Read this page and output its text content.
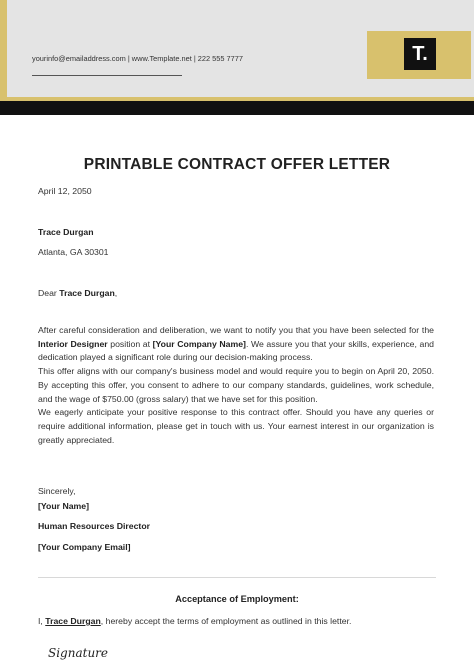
yourinfo@emailaddress.com | www.Template.net | 222 555 7777	T.
PRINTABLE CONTRACT OFFER LETTER
April 12, 2050
Trace Durgan
Atlanta, GA 30301
Dear Trace Durgan,

After careful consideration and deliberation, we want to notify you that you have been selected for the Interior Designer position at [Your Company Name]. We assure you that your skills, experience, and dedication played a significant role during our decision-making process.

This offer aligns with our company's business model and would require you to begin on April 20, 2050. By accepting this offer, you consent to adhere to our company standards, guidelines, work schedule, and the wage of $750.00 (gross salary) that we have set for this position.

We eagerly anticipate your positive response to this contract offer. Should you have any queries or require additional information, please get in touch with us. Your earnest interest in our organization is greatly appreciated.

Sincerely,
[Your Name]
Human Resources Director
[Your Company Email]
Acceptance of Employment:
I, Trace Durgan, hereby accept the terms of employment as outlined in this letter.
Signature
